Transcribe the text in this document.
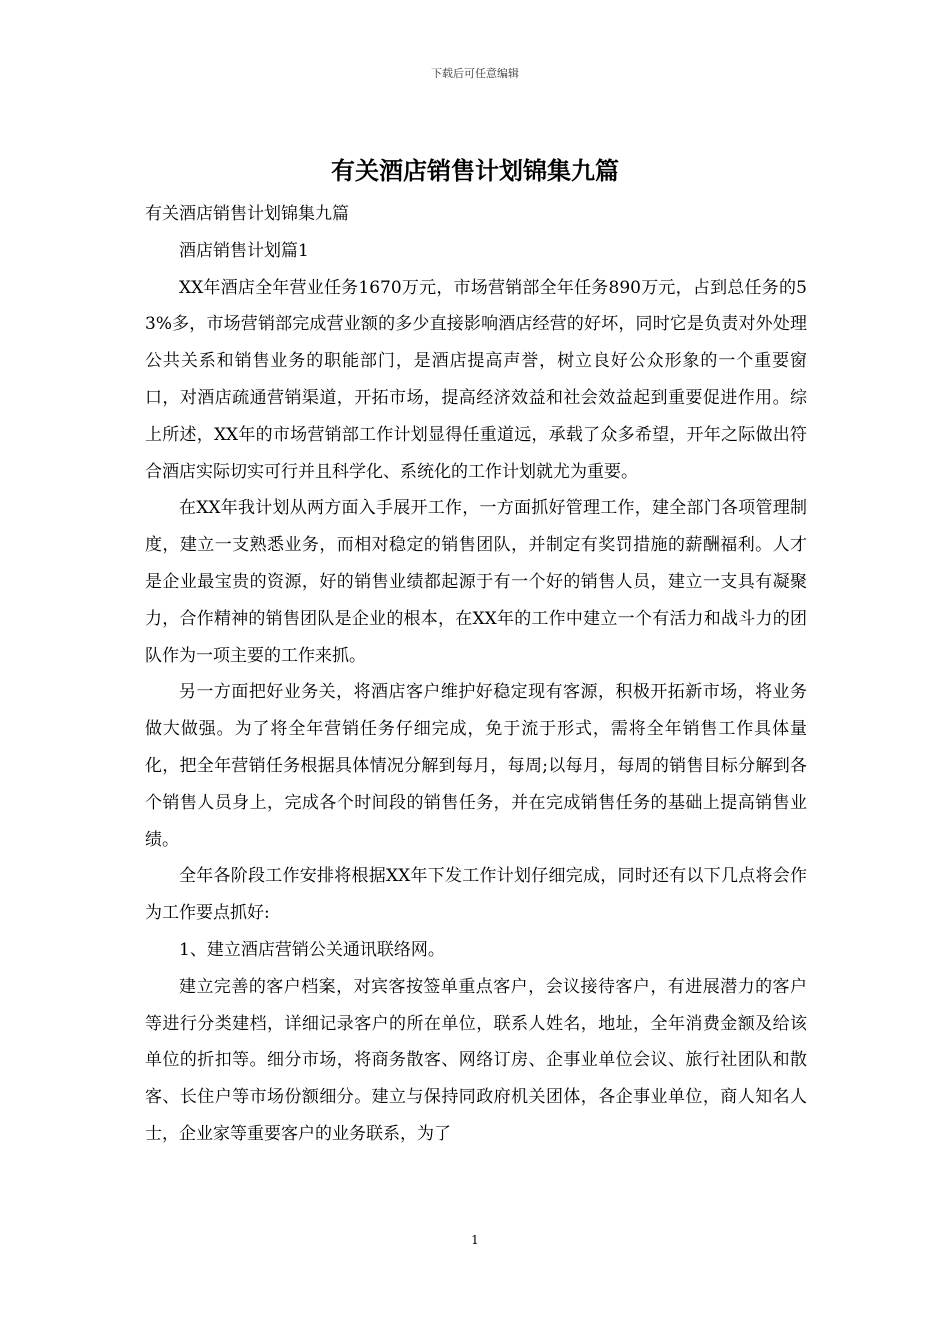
下载后可任意编辑
有关酒店销售计划锦集九篇

有关酒店销售计划锦集九篇

酒店销售计划篇1

XX年酒店全年营业任务1670万元，市场营销部全年任务890万元，占到总任务的53%多，市场营销部完成营业额的多少直接影响酒店经营的好坏，同时它是负责对外处理公共关系和销售业务的职能部门，是酒店提高声誉，树立良好公众形象的一个重要窗口，对酒店疏通营销渠道，开拓市场，提高经济效益和社会效益起到重要促进作用。综上所述，XX年的市场营销部工作计划显得任重道远，承载了众多希望，开年之际做出符合酒店实际切实可行并且科学化、系统化的工作计划就尤为重要。

在XX年我计划从两方面入手展开工作，一方面抓好管理工作，建全部门各项管理制度，建立一支熟悉业务，而相对稳定的销售团队，并制定有奖罚措施的薪酬福利。人才是企业最宝贵的资源，好的销售业绩都起源于有一个好的销售人员，建立一支具有凝聚力，合作精神的销售团队是企业的根本，在XX年的工作中建立一个有活力和战斗力的团队作为一项主要的工作来抓。

另一方面把好业务关，将酒店客户维护好稳定现有客源，积极开拓新市场，将业务做大做强。为了将全年营销任务仔细完成，免于流于形式，需将全年销售工作具体量化，把全年营销任务根据具体情况分解到每月，每周;以每月，每周的销售目标分解到各个销售人员身上，完成各个时间段的销售任务，并在完成销售任务的基础上提高销售业绩。

全年各阶段工作安排将根据XX年下发工作计划仔细完成，同时还有以下几点将会作为工作要点抓好:

1、建立酒店营销公关通讯联络网。

建立完善的客户档案，对宾客按签单重点客户，会议接待客户，有进展潜力的客户等进行分类建档，详细记录客户的所在单位，联系人姓名，地址，全年消费金额及给该单位的折扣等。细分市场，将商务散客、网络订房、企事业单位会议、旅行社团队和散客、长住户等市场份额细分。建立与保持同政府机关团体，各企事业单位，商人知名人士，企业家等重要客户的业务联系，为了

1
